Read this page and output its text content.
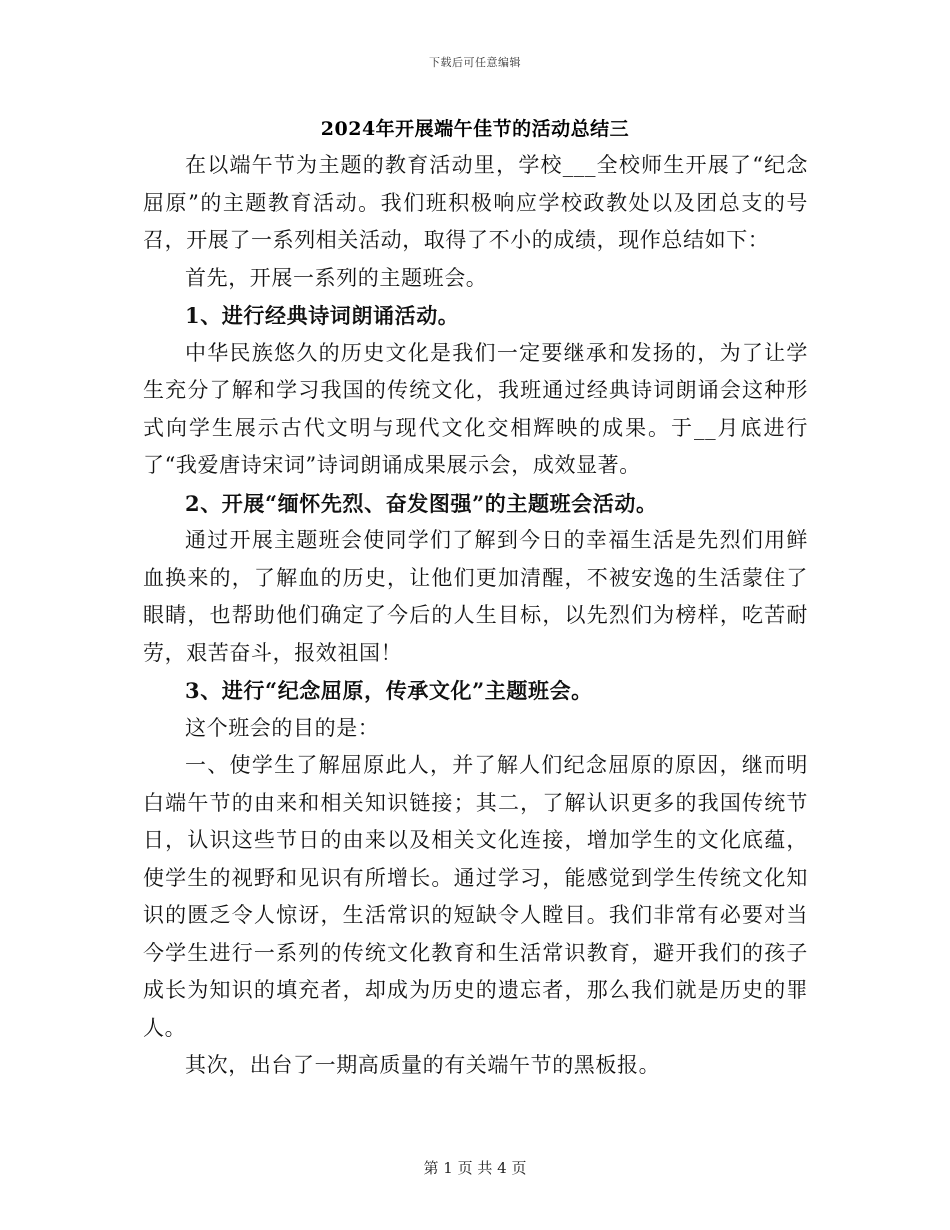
下载后可任意编辑
2024年开展端午佳节的活动总结三

在以端午节为主题的教育活动里，学校___全校师生开展了“纪念屈原”的主题教育活动。我们班积极响应学校政教处以及团总支的号召，开展了一系列相关活动，取得了不小的成绩，现作总结如下：

首先，开展一系列的主题班会。

1、进行经典诗词朗诵活动。

中华民族悠久的历史文化是我们一定要继承和发扬的，为了让学生充分了解和学习我国的传统文化，我班通过经典诗词朗诵会这种形式向学生展示古代文明与现代文化交相辉映的成果。于__月底进行了“我爱唐诗宋词”诗词朗诵成果展示会，成效显著。

2、开展“缅怀先烈、奋发图强”的主题班会活动。

通过开展主题班会使同学们了解到今日的幸福生活是先烈们用鲜血换来的，了解血的历史，让他们更加清醒，不被安逸的生活蒙住了眼睛，也帮助他们确定了今后的人生目标，以先烈们为榜样，吃苦耐劳，艰苦奋斗，报效祖国！

3、进行“纪念屈原，传承文化”主题班会。

这个班会的目的是：

一、使学生了解屈原此人，并了解人们纪念屈原的原因，继而明白端午节的由来和相关知识链接；其二，了解认识更多的我国传统节日，认识这些节日的由来以及相关文化连接，增加学生的文化底蕴，使学生的视野和见识有所增长。通过学习，能感觉到学生传统文化知识的匮乏令人惊讶，生活常识的短缺令人瞠目。我们非常有必要对当今学生进行一系列的传统文化教育和生活常识教育，避开我们的孩子成长为知识的填充者，却成为历史的遗忘者，那么我们就是历史的罪人。

其次，出台了一期高质量的有关端午节的黑板报。

第 1 页 共 4 页
